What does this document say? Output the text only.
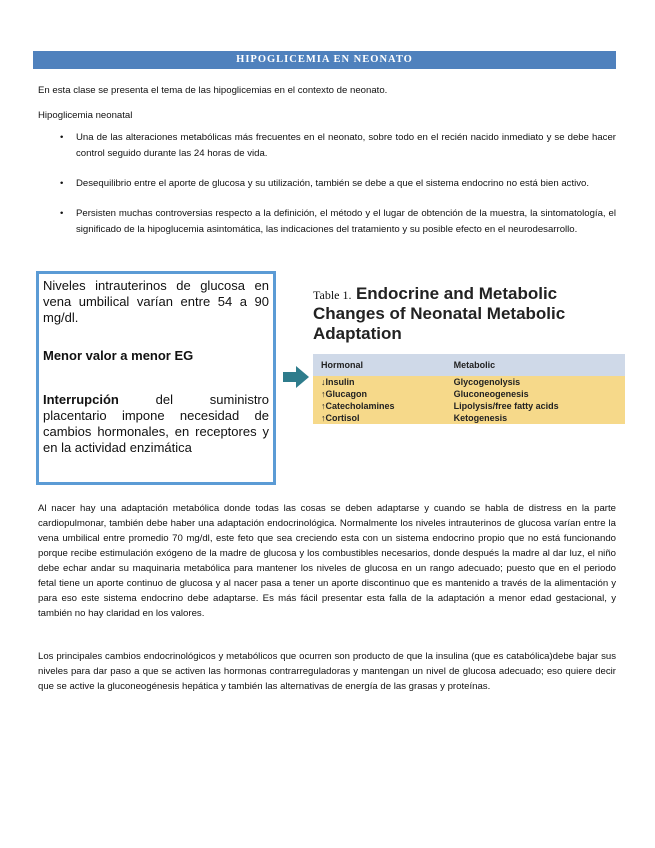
HIPOGLICEMIA EN NEONATO
En esta clase se presenta el tema de las hipoglicemias en el contexto de neonato.
Hipoglicemia neonatal
• Una de las alteraciones metabólicas más frecuentes en el neonato, sobre todo en el recién nacido inmediato y se debe hacer control seguido durante las 24 horas de vida.
• Desequilibrio entre el aporte de glucosa y su utilización, también se debe a que el sistema endocrino no está bien activo.
• Persisten muchas controversias respecto a la definición, el método y el lugar de obtención de la muestra, la sintomatología, el significado de la hipoglucemia asintomática, las indicaciones del tratamiento y su posible efecto en el neurodesarrollo.

Niveles intrauterinos de glucosa en vena umbilical varían entre 54 a 90 mg/dl.

Menor valor a menor EG

Interrupción del suministro placentario impone necesidad de cambios hormonales, en receptores y en la actividad enzimática

Table 1. Endocrine and Metabolic Changes of Neonatal Metabolic Adaptation
Hormonal	Metabolic
↓Insulin	Glycogenolysis
↑Glucagon	Gluconeogenesis
↑Catecholamines	Lipolysis/free fatty acids
↑Cortisol	Ketogenesis
Al nacer hay una adaptación metabólica donde todas las cosas se deben adaptarse y cuando se habla de distress en la parte cardiopulmonar, también debe haber una adaptación endocrinológica. Normalmente los niveles intrauterinos de glucosa varían entre la vena umbilical entre promedio 70 mg/dl, este feto que sea creciendo esta con un sistema endocrino propio que no está funcionando porque recibe estimulación exógeno de la madre de glucosa y los combustibles necesarios, donde después la madre al dar luz, el niño debe echar andar su maquinaria metabólica para mantener los niveles de glucosa en un rango adecuado; puesto que en el periodo fetal tiene un aporte continuo de glucosa y al nacer pasa a tener un aporte discontinuo que es mantenido a través de la alimentación y para eso este sistema endocrino debe adaptarse. Es más fácil presentar esta falla de la adaptación a menor edad gestacional, y también no hay claridad en los valores.
Los principales cambios endocrinológicos y metabólicos que ocurren son producto de que la insulina (que es catabólica)debe bajar sus niveles para dar paso a que se activen las hormonas contrarreguladoras y mantengan un nivel de glucosa adecuado; eso quiere decir que se active la gluconeogénesis hepática y también las alternativas de energía de las grasas y proteínas.
